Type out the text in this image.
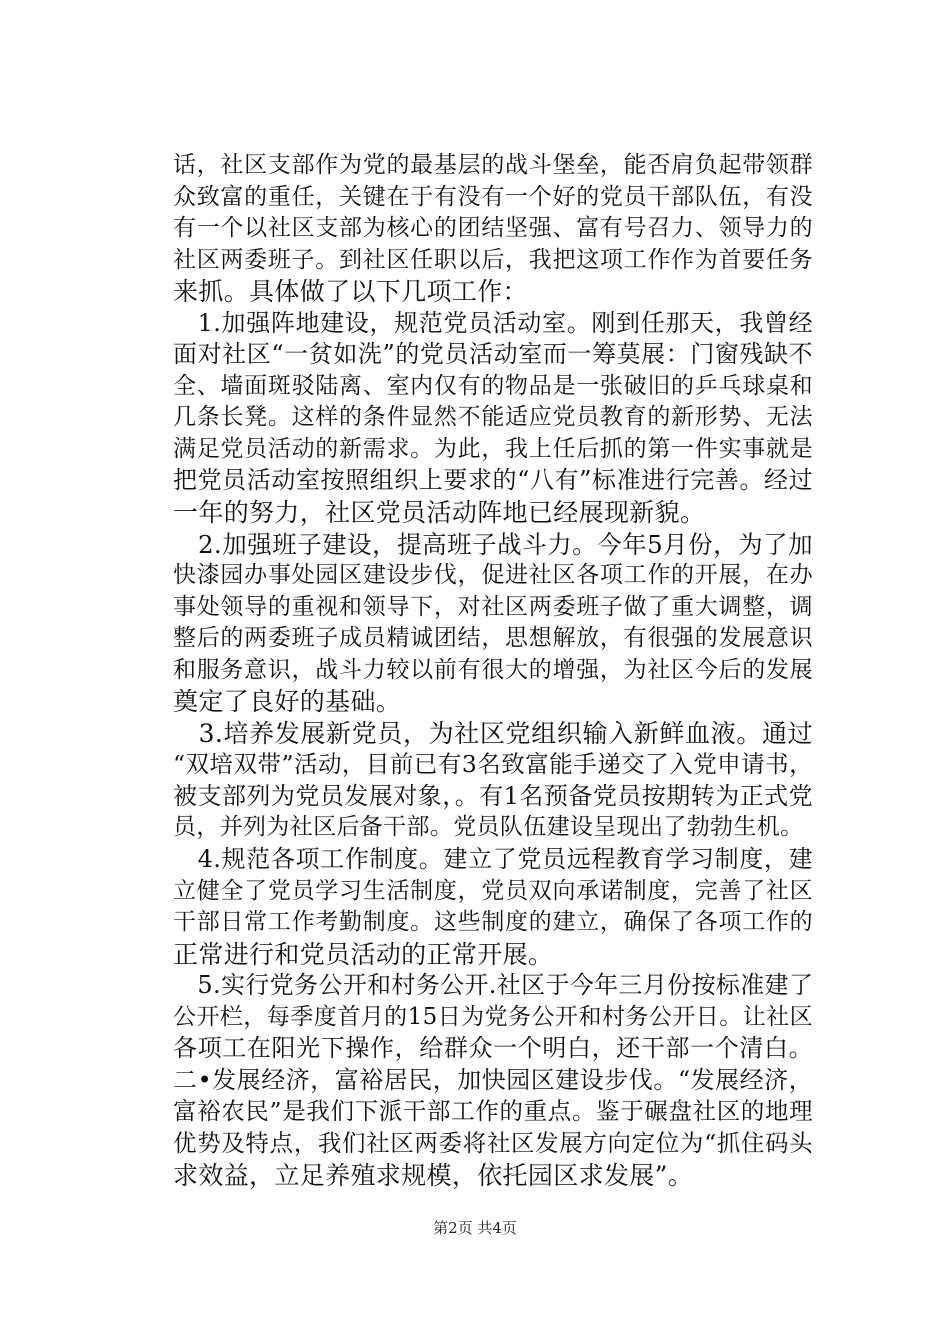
话，社区支部作为党的最基层的战斗堡垒，能否肩负起带领群
众致富的重任，关键在于有没有一个好的党员干部队伍，有没
有一个以社区支部为核心的团结坚强、富有号召力、领导力的
社区两委班子。到社区任职以后，我把这项工作作为首要任务
来抓。具体做了以下几项工作：
　1.加强阵地建设，规范党员活动室。刚到任那天，我曾经
面对社区“一贫如洗”的党员活动室而一筹莫展：门窗残缺不
全、墙面斑驳陆离、室内仅有的物品是一张破旧的乒乓球桌和
几条长凳。这样的条件显然不能适应党员教育的新形势、无法
满足党员活动的新需求。为此，我上任后抓的第一件实事就是
把党员活动室按照组织上要求的“八有”标准进行完善。经过
一年的努力，社区党员活动阵地已经展现新貌。
　2.加强班子建设，提高班子战斗力。今年5月份，为了加
快漆园办事处园区建设步伐，促进社区各项工作的开展，在办
事处领导的重视和领导下，对社区两委班子做了重大调整，调
整后的两委班子成员精诚团结，思想解放，有很强的发展意识
和服务意识，战斗力较以前有很大的增强，为社区今后的发展
奠定了良好的基础。
　3.培养发展新党员，为社区党组织输入新鲜血液。通过
“双培双带”活动，目前已有3名致富能手递交了入党申请书，
被支部列为党员发展对象，。有1名预备党员按期转为正式党
员，并列为社区后备干部。党员队伍建设呈现出了勃勃生机。
　4.规范各项工作制度。建立了党员远程教育学习制度，建
立健全了党员学习生活制度，党员双向承诺制度，完善了社区
干部日常工作考勤制度。这些制度的建立，确保了各项工作的
正常进行和党员活动的正常开展。
　5.实行党务公开和村务公开.社区于今年三月份按标准建了
公开栏，每季度首月的15日为党务公开和村务公开日。让社区
各项工在阳光下操作，给群众一个明白，还干部一个清白。
二•发展经济，富裕居民，加快园区建设步伐。“发展经济，
富裕农民”是我们下派干部工作的重点。鉴于碾盘社区的地理
优势及特点，我们社区两委将社区发展方向定位为“抓住码头
求效益，立足养殖求规模，依托园区求发展”。
第2页 共4页
